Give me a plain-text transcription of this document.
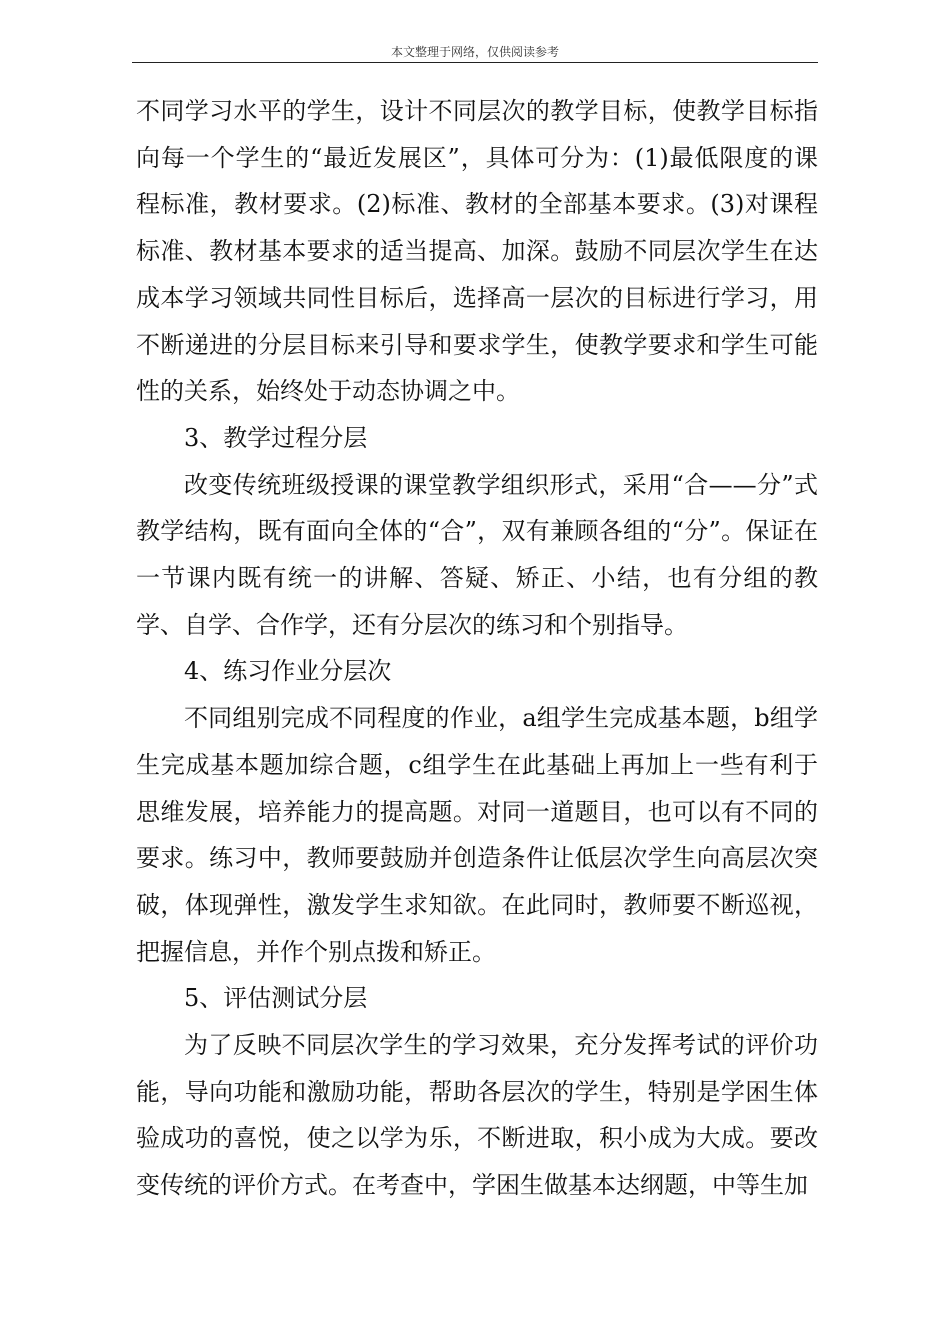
本文整理于网络，仅供阅读参考

不同学习水平的学生，设计不同层次的教学目标，使教学目标指向每一个学生的“最近发展区”，具体可分为：(1)最低限度的课程标准，教材要求。(2)标准、教材的全部基本要求。(3)对课程标准、教材基本要求的适当提高、加深。鼓励不同层次学生在达成本学习领域共同性目标后，选择高一层次的目标进行学习，用不断递进的分层目标来引导和要求学生，使教学要求和学生可能性的关系，始终处于动态协调之中。

3、教学过程分层

改变传统班级授课的课堂教学组织形式，采用“合——分”式教学结构，既有面向全体的“合”，双有兼顾各组的“分”。保证在一节课内既有统一的讲解、答疑、矫正、小结，也有分组的教学、自学、合作学，还有分层次的练习和个别指导。

4、练习作业分层次

不同组别完成不同程度的作业，a组学生完成基本题，b组学生完成基本题加综合题，c组学生在此基础上再加上一些有利于思维发展，培养能力的提高题。对同一道题目，也可以有不同的要求。练习中，教师要鼓励并创造条件让低层次学生向高层次突破，体现弹性，激发学生求知欲。在此同时，教师要不断巡视，把握信息，并作个别点拨和矫正。

5、评估测试分层

为了反映不同层次学生的学习效果，充分发挥考试的评价功能，导向功能和激励功能，帮助各层次的学生，特别是学困生体验成功的喜悦，使之以学为乐，不断进取，积小成为大成。要改变传统的评价方式。在考查中，学困生做基本达纲题，中等生加
